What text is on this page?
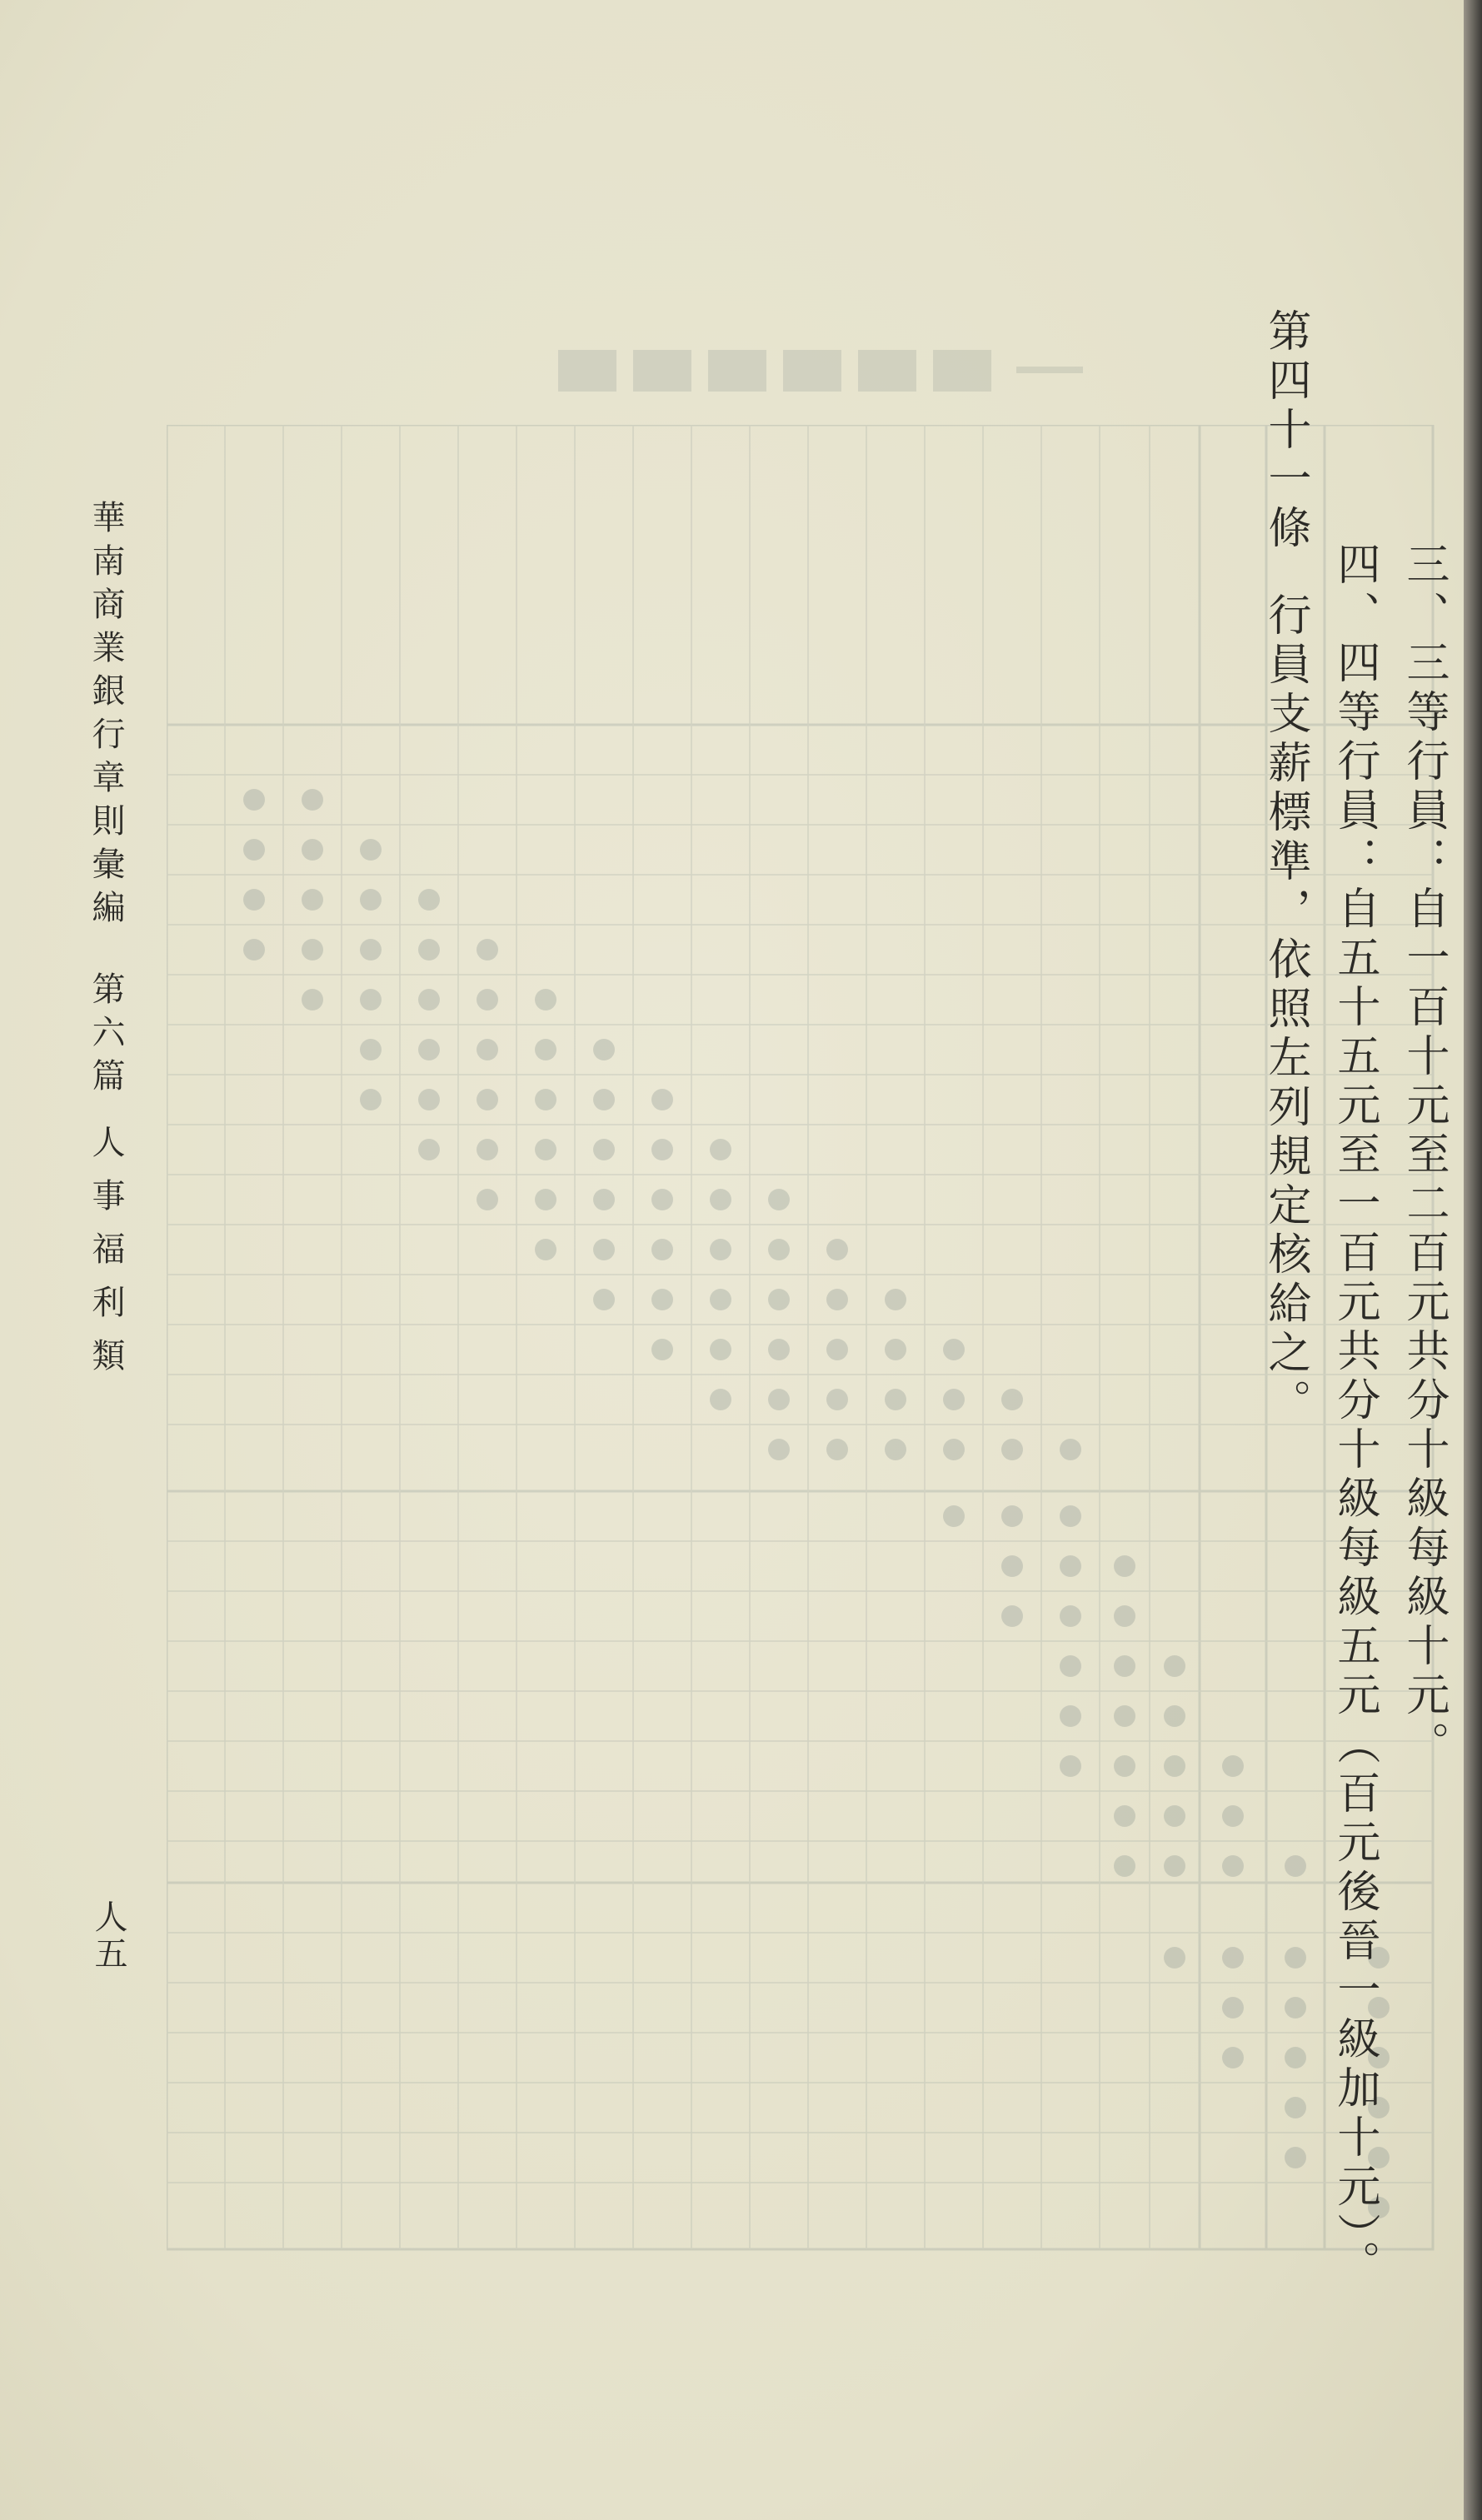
三、三等行員：自一百十元至二百元共分十級每級十元。
四、四等行員：自五十五元至一百元共分十級每級五元（百元後晉一級加十元）。
第四十一條行員支薪標準，依照左列規定核給之。
華南商業銀行章則彙編第六篇人事福利類
人五
